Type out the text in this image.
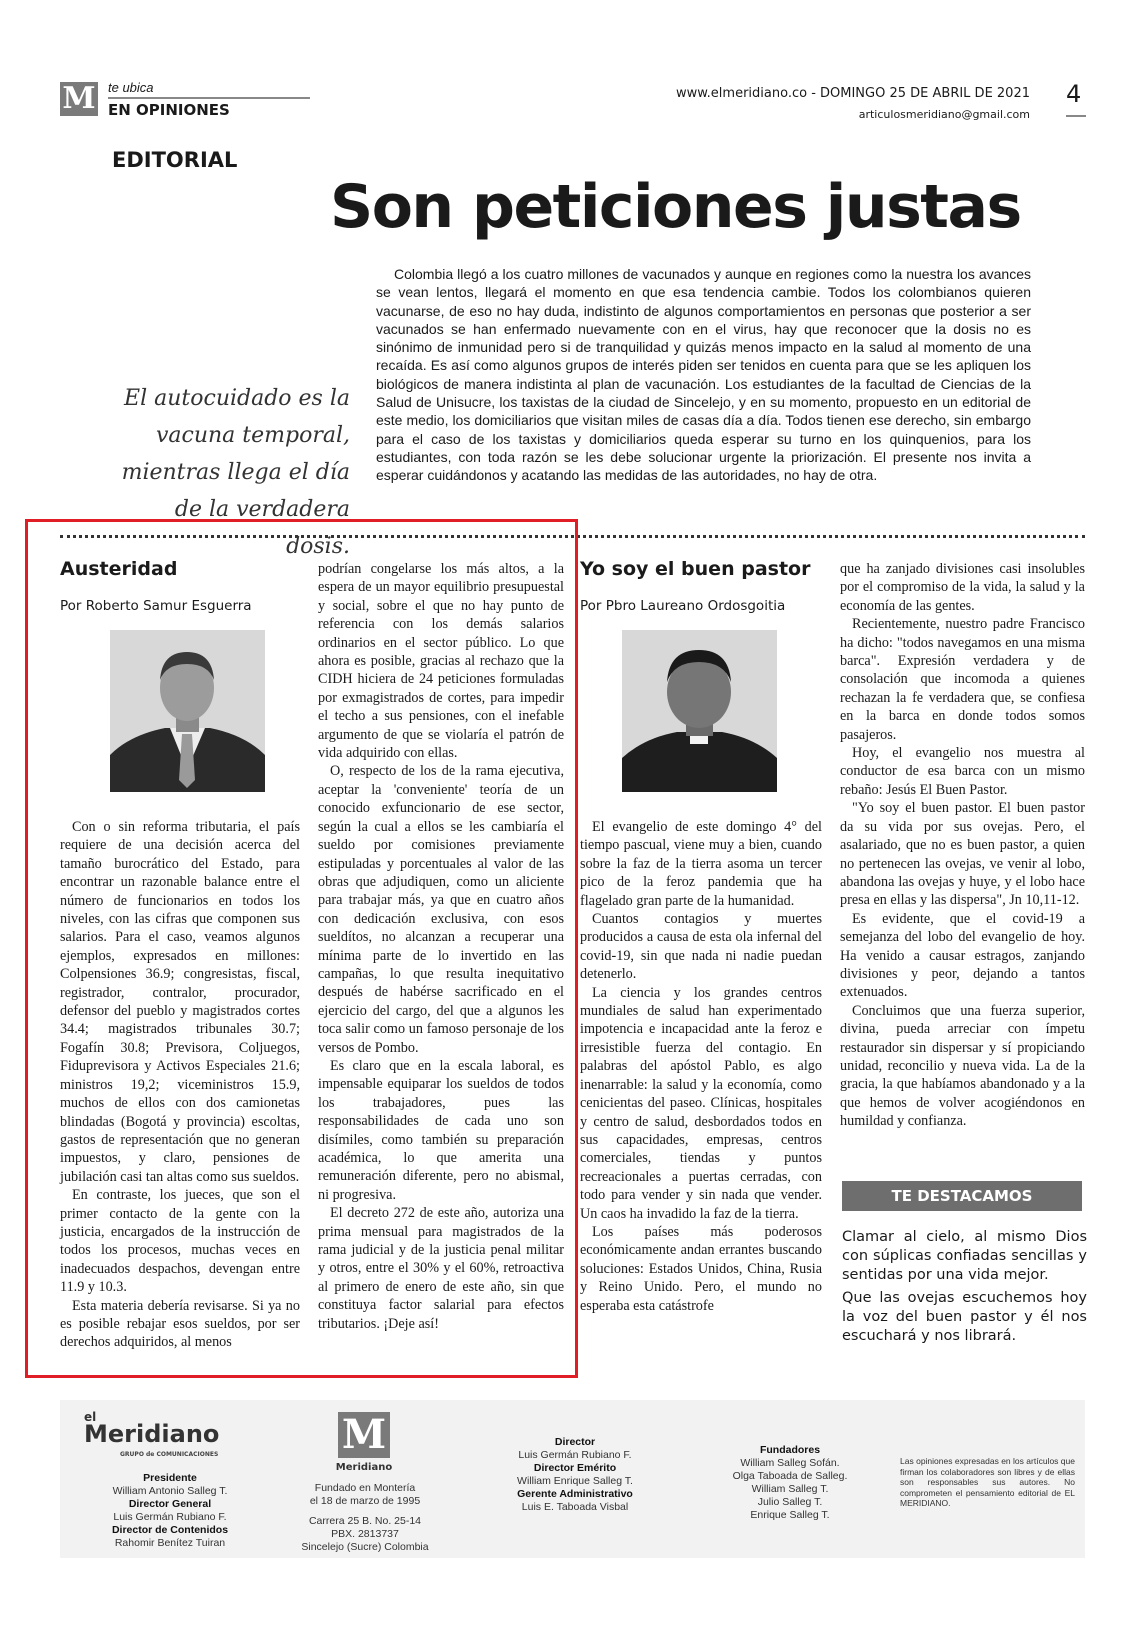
M te ubica
EN OPINIONES
www.elmeridiano.co - DOMINGO 25 DE ABRIL DE 2021
articulosmeridiano@gmail.com
4
EDITORIAL
Son peticiones justas
El autocuidado es la vacuna temporal, mientras llega el día de la verdadera dosis.

Colombia llegó a los cuatro millones de vacunados y aunque en regiones como la nuestra los avances se vean lentos, llegará el momento en que esa tendencia cambie. Todos los colombianos quieren vacunarse, de eso no hay duda, indistinto de algunos comportamientos en personas que posterior a ser vacunados se han enfermado nuevamente con en el virus, hay que reconocer que la dosis no es sinónimo de inmunidad pero si de tranquilidad y quizás menos impacto en la salud al momento de una recaída. Es así como algunos grupos de interés piden ser tenidos en cuenta para que se les apliquen los biológicos de manera indistinta al plan de vacunación. Los estudiantes de la facultad de Ciencias de la Salud de Unisucre, los taxistas de la ciudad de Sincelejo, y en su momento, propuesto en un editorial de este medio, los domiciliarios que visitan miles de casas día a día. Todos tienen ese derecho, sin embargo para el caso de los taxistas y domiciliarios queda esperar su turno en los quinquenios, para los estudiantes, con toda razón se les debe solucionar urgente la priorización. El presente nos invita a esperar cuidándonos y acatando las medidas de las autoridades, no hay de otra.

Austeridad
Por Roberto Samur Esguerra

Con o sin reforma tributaria, el país requiere de una decisión acerca del tamaño burocrático del Estado, para encontrar un razonable balance entre el número de funcionarios en todos los niveles, con las cifras que componen sus salarios. Para el caso, veamos algunos ejemplos, expresados en millones: Colpensiones 36.9; congresistas, fiscal, registrador, contralor, procurador, defensor del pueblo y magistrados cortes 34.4; magistrados tribunales 30.7; Fogafín 30.8; Previsora, Coljuegos, Fiduprevisora y Activos Especiales 21.6; ministros 19,2; viceministros 15.9, muchos de ellos con dos camionetas blindadas (Bogotá y provincia) escoltas, gastos de representación que no generan impuestos, y claro, pensiones de jubilación casi tan altas como sus sueldos.

En contraste, los jueces, que son el primer contacto de la gente con la justicia, encargados de la instrucción de todos los procesos, muchas veces en inadecuados despachos, devengan entre 11.9 y 10.3.

Esta materia debería revisarse. Si ya no es posible rebajar esos sueldos, por ser derechos adquiridos, al menos

podrían congelarse los más altos, a la espera de un mayor equilibrio presupuestal y social, sobre el que no hay punto de referencia con los demás salarios ordinarios en el sector público. Lo que ahora es posible, gracias al rechazo que la CIDH hiciera de 24 peticiones formuladas por exmagistrados de cortes, para impedir el techo a sus pensiones, con el inefable argumento de que se violaría el patrón de vida adquirido con ellas.

O, respecto de los de la rama ejecutiva, aceptar la 'conveniente' teoría de un conocido exfuncionario de ese sector, según la cual a ellos se les cambiaría el sueldo por comisiones previamente estipuladas y porcentuales al valor de las obras que adjudiquen, como un aliciente para trabajar más, ya que en cuatro años con dedicación exclusiva, con esos sueldítos, no alcanzan a recuperar una mínima parte de lo invertido en las campañas, lo que resulta inequitativo después de habérse sacrificado en el ejercicio del cargo, del que a algunos les toca salir como un famoso personaje de los versos de Pombo.

Es claro que en la escala laboral, es impensable equiparar los sueldos de todos los trabajadores, pues las responsabilidades de cada uno son disímiles, como también su preparación académica, lo que amerita una remuneración diferente, pero no abismal, ni progresiva.

El decreto 272 de este año, autoriza una prima mensual para magistrados de la rama judicial y de la justicia penal militar y otros, entre el 30% y el 60%, retroactiva al primero de enero de este año, sin que constituya factor salarial para efectos tributarios. ¡Deje así!

Yo soy el buen pastor
Por Pbro Laureano Ordosgoitia

El evangelio de este domingo 4° del tiempo pascual, viene muy a bien, cuando sobre la faz de la tierra asoma un tercer pico de la feroz pandemia que ha flagelado gran parte de la humanidad.

Cuantos contagios y muertes producidos a causa de esta ola infernal del covid-19, sin que nada ni nadie puedan detenerlo.

La ciencia y los grandes centros mundiales de salud han experimentado impotencia e incapacidad ante la feroz e irresistible fuerza del contagio. En palabras del apóstol Pablo, es algo inenarrable: la salud y la economía, como cenicientas del paseo. Clínicas, hospitales y centro de salud, desbordados todos en sus capacidades, empresas, centros comerciales, tiendas y puntos recreacionales a puertas cerradas, con todo para vender y sin nada que vender. Un caos ha invadido la faz de la tierra.

Los países más poderosos económicamente andan errantes buscando soluciones: Estados Unidos, China, Rusia y Reino Unido. Pero, el mundo no esperaba esta catástrofe

que ha zanjado divisiones casi insolubles por el compromiso de la vida, la salud y la economía de las gentes.

Recientemente, nuestro padre Francisco ha dicho: "todos navegamos en una misma barca". Expresión verdadera y de consolación que incomoda a quienes rechazan la fe verdadera que, se confiesa en la barca en donde todos somos pasajeros.

Hoy, el evangelio nos muestra al conductor de esa barca con un mismo rebaño: Jesús El Buen Pastor.

"Yo soy el buen pastor. El buen pastor da su vida por sus ovejas. Pero, el asalariado, que no es buen pastor, a quien no pertenecen las ovejas, ve venir al lobo, abandona las ovejas y huye, y el lobo hace presa en ellas y las dispersa", Jn 10,11-12.

Es evidente, que el covid-19 a semejanza del lobo del evangelio de hoy. Ha venido a causar estragos, zanjando divisiones y peor, dejando a tantos extenuados.

Concluimos que una fuerza superior, divina, pueda arreciar con ímpetu restaurador sin dispersar y sí propiciando unidad, reconcilio y nueva vida. La de la gracia, la que habíamos abandonado y a la que hemos de volver acogiéndonos en humildad y confianza.

TE DESTACAMOS

Clamar al cielo, al mismo Dios con súplicas confiadas sencillas y sentidas por una vida mejor.

Que las ovejas escuchemos hoy la voz del buen pastor y él nos escuchará y nos librará.

el
Meridiano
GRUPO de COMUNICACIONES
Presidente
William Antonio Salleg T.
Director General
Luis Germán Rubiano F.
Director de Contenidos
Rahomir Benítez Tuiran
M
Meridiano
Fundado en Montería
el 18 de marzo de 1995
Carrera 25 B. No. 25-14
PBX. 2813737
Sincelejo (Sucre) Colombia
Director
Luis Germán Rubiano F.
Director Emérito
William Enrique Salleg T.
Gerente Administrativo
Luis E. Taboada Visbal
Fundadores
William Salleg Sofán.
Olga Taboada de Salleg.
William Salleg T.
Julio Salleg T.
Enrique Salleg T.
Las opiniones expresadas en los artículos que firman los colaboradores son libres y de ellas son responsables sus autores. No comprometen el pensamiento editorial de EL MERIDIANO.
